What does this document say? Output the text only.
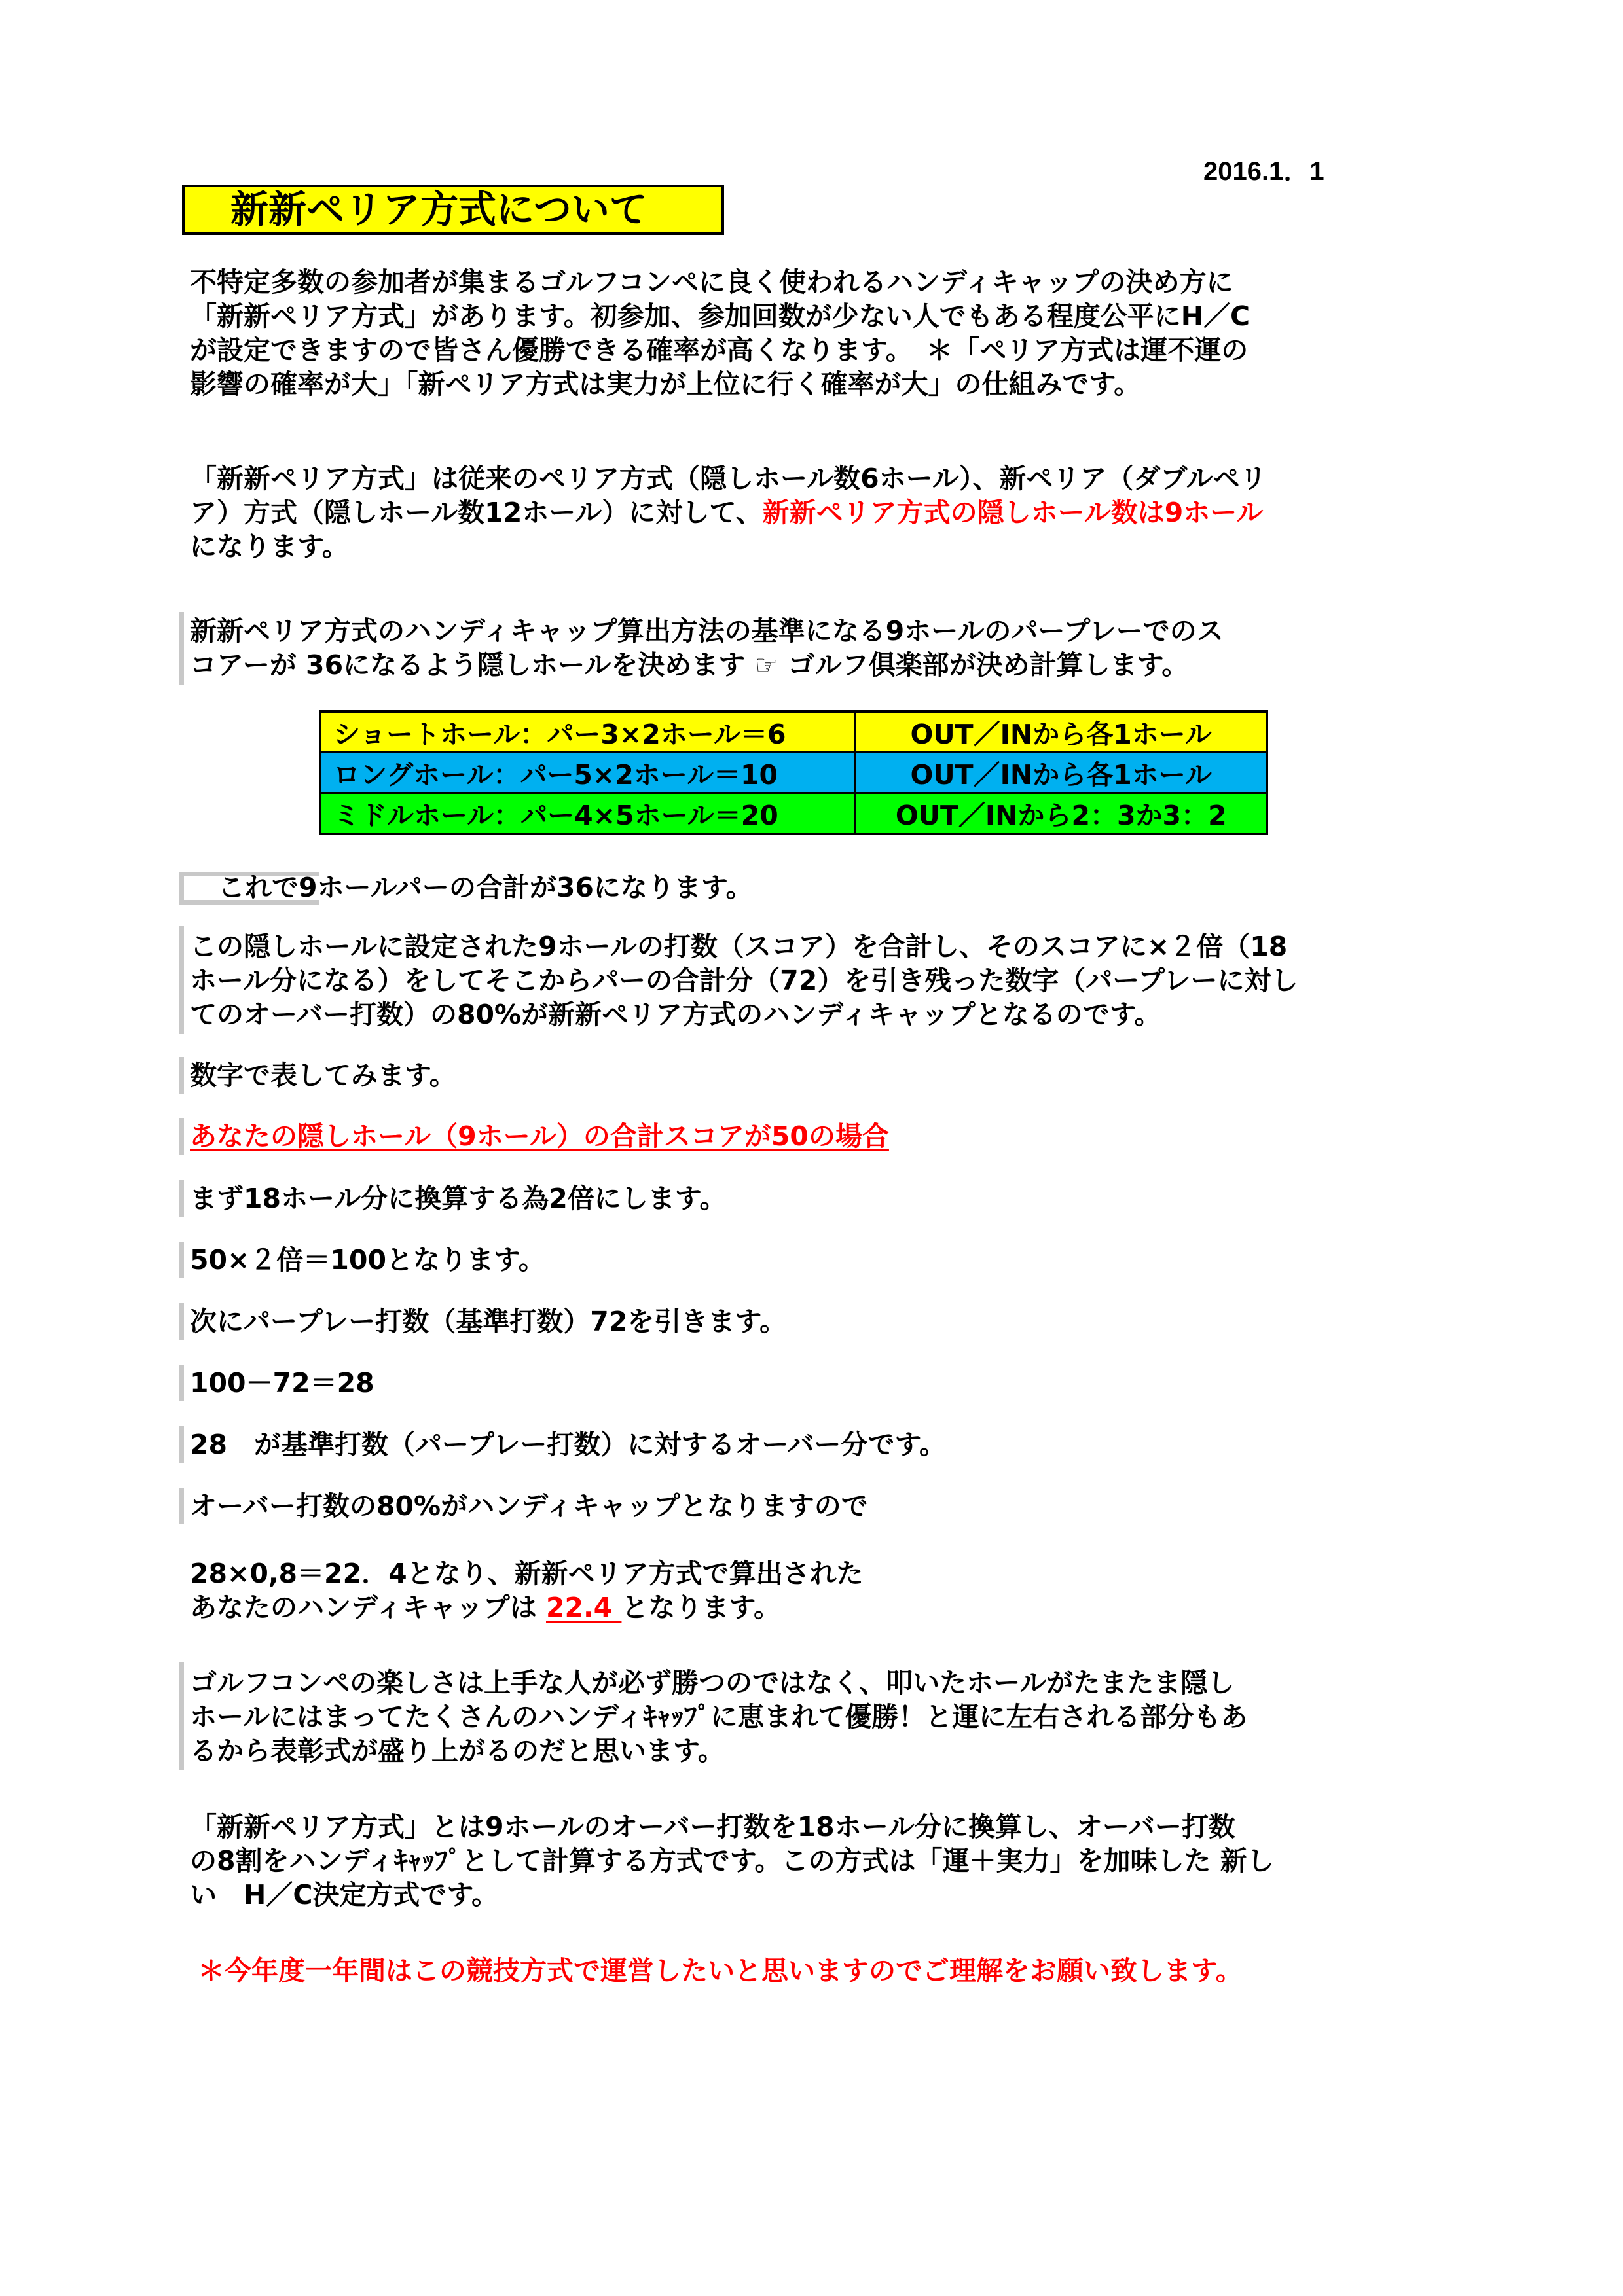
2016.1．1
新新ペリア方式について
不特定多数の参加者が集まるゴルフコンペに良く使われるハンディキャップの決め方に
「新新ペリア方式」があります。初参加、参加回数が少ない人でもある程度公平にH／C
が設定できますので皆さん優勝できる確率が高くなります。　＊「ペリア方式は運不運の
影響の確率が大」「新ペリア方式は実力が上位に行く確率が大」の仕組みです。
「新新ペリア方式」は従来のペリア方式（隠しホール数6ホール）、新ペリア（ダブルペリ
ア）方式（隠しホール数12ホール）に対して、新新ペリア方式の隠しホール数は9ホール
になります。
新新ペリア方式のハンディキャップ算出方法の基準になる9ホールのパープレーでのス
コアーが 36になるよう隠しホールを決めます ☞ ゴルフ倶楽部が決め計算します。
ショートホール：パー3×2ホール＝6	OUT／INから各1ホール
ロングホール：パー5×2ホール＝10	OUT／INから各1ホール
ミドルホール：パー4×5ホール＝20	OUT／INから2：3か3：2
これで9ホールパーの合計が36になります。
この隠しホールに設定された9ホールの打数（スコア）を合計し、そのスコアに×２倍（18
ホール分になる）をしてそこからパーの合計分（72）を引き残った数字（パープレーに対し
てのオーバー打数）の80%が新新ペリア方式のハンディキャップとなるのです。
数字で表してみます。
あなたの隠しホール（9ホール）の合計スコアが50の場合
まず18ホール分に換算する為2倍にします。
50×２倍＝100となります。
次にパープレー打数（基準打数）72を引きます。
100－72＝28
28　が基準打数（パープレー打数）に対するオーバー分です。
オーバー打数の80%がハンディキャップとなりますので
28×0,8＝22．4となり、新新ペリア方式で算出された
あなたのハンディキャップは 22.4 となります。
ゴルフコンペの楽しさは上手な人が必ず勝つのではなく、叩いたホールがたまたま隠し
ホールにはまってたくさんのハンディｷｬｯﾌﾟに恵まれて優勝！と運に左右される部分もあ
るから表彰式が盛り上がるのだと思います。
「新新ペリア方式」とは9ホールのオーバー打数を18ホール分に換算し、オーバー打数
の8割をハンディｷｬｯﾌﾟとして計算する方式です。この方式は「運＋実力」を加味した 新し
い　H／C決定方式です。
＊今年度一年間はこの競技方式で運営したいと思いますのでご理解をお願い致します。
